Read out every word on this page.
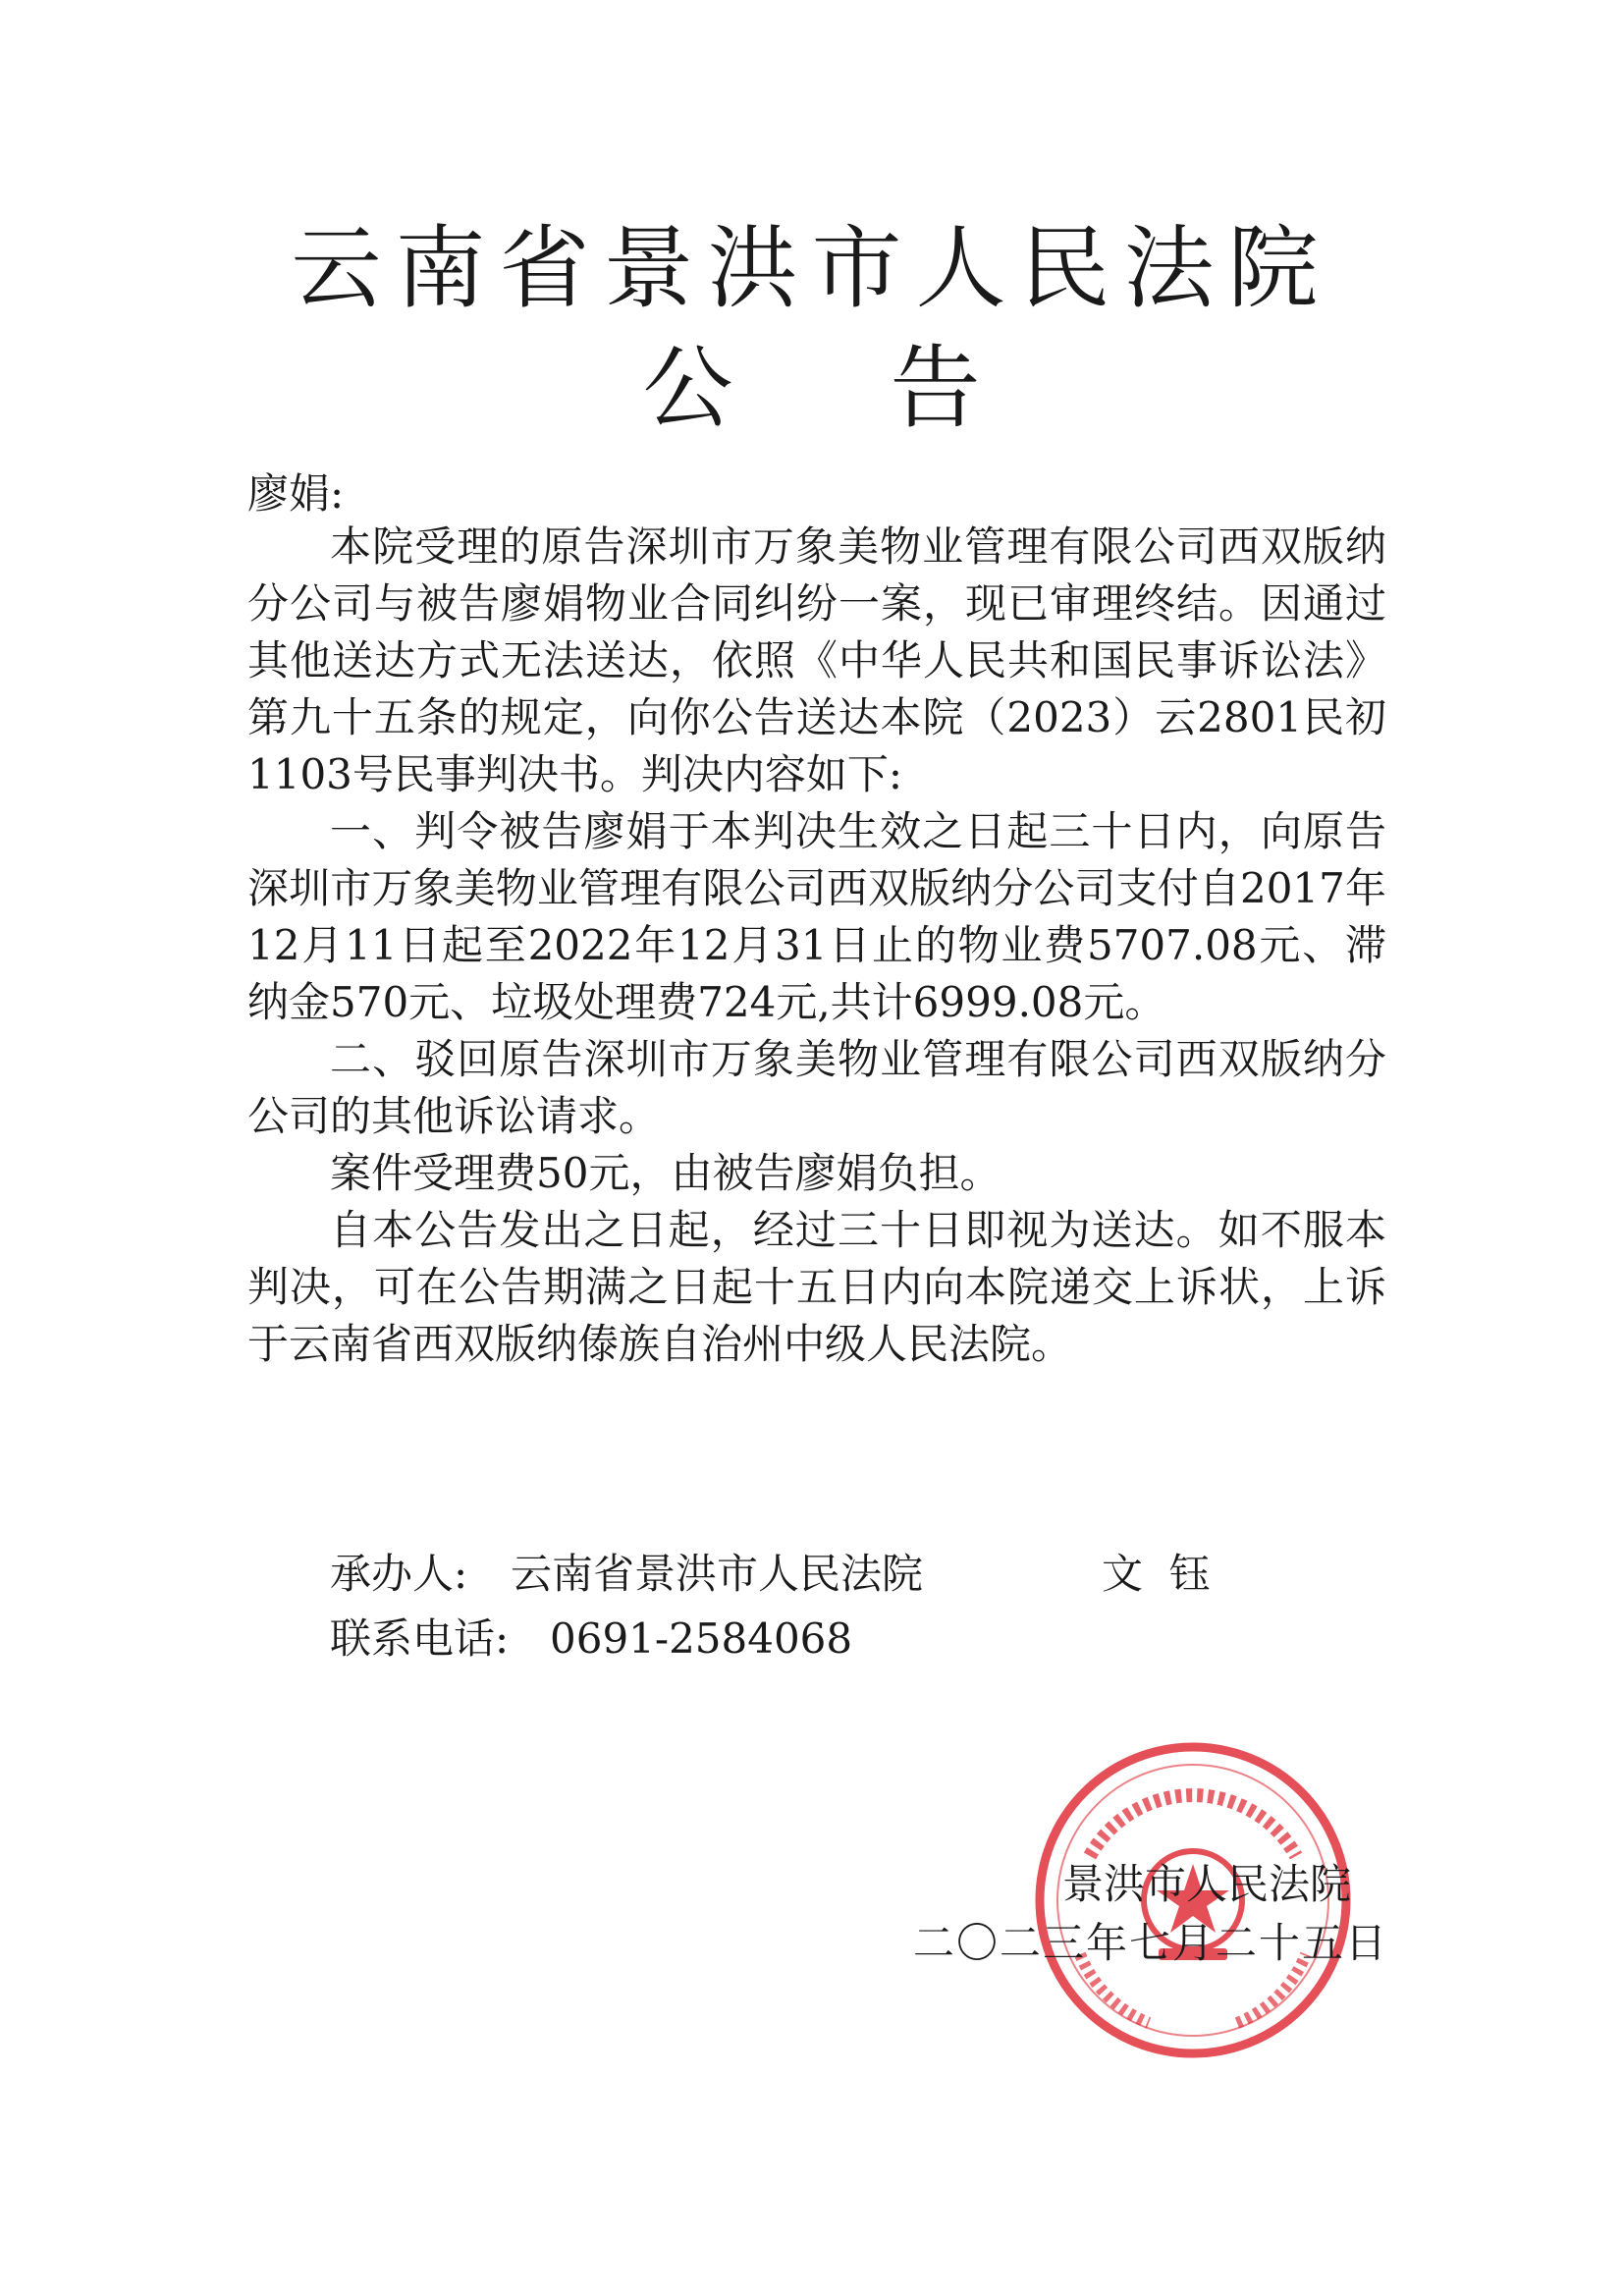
云南省景洪市人民法院
公告
廖娟:

本院受理的原告深圳市万象美物业管理有限公司西双版纳分公司与被告廖娟物业合同纠纷一案，现已审理终结。因通过其他送达方式无法送达，依照《中华人民共和国民事诉讼法》第九十五条的规定，向你公告送达本院（2023）云2801民初1103号民事判决书。判决内容如下:

一、判令被告廖娟于本判决生效之日起三十日内，向原告深圳市万象美物业管理有限公司西双版纳分公司支付自2017年12月11日起至2022年12月31日止的物业费5707.08元、滞纳金570元、垃圾处理费724元,共计6999.08元。

二、驳回原告深圳市万象美物业管理有限公司西双版纳分公司的其他诉讼请求。

案件受理费50元，由被告廖娟负担。

自本公告发出之日起，经过三十日即视为送达。如不服本判决，可在公告期满之日起十五日内向本院递交上诉状，上诉于云南省西双版纳傣族自治州中级人民法院。

承办人: 云南省景洪市人民法院	文  钰
联系电话: 0691-2584068
景洪市人民法院
二〇二三年七月二十五日
